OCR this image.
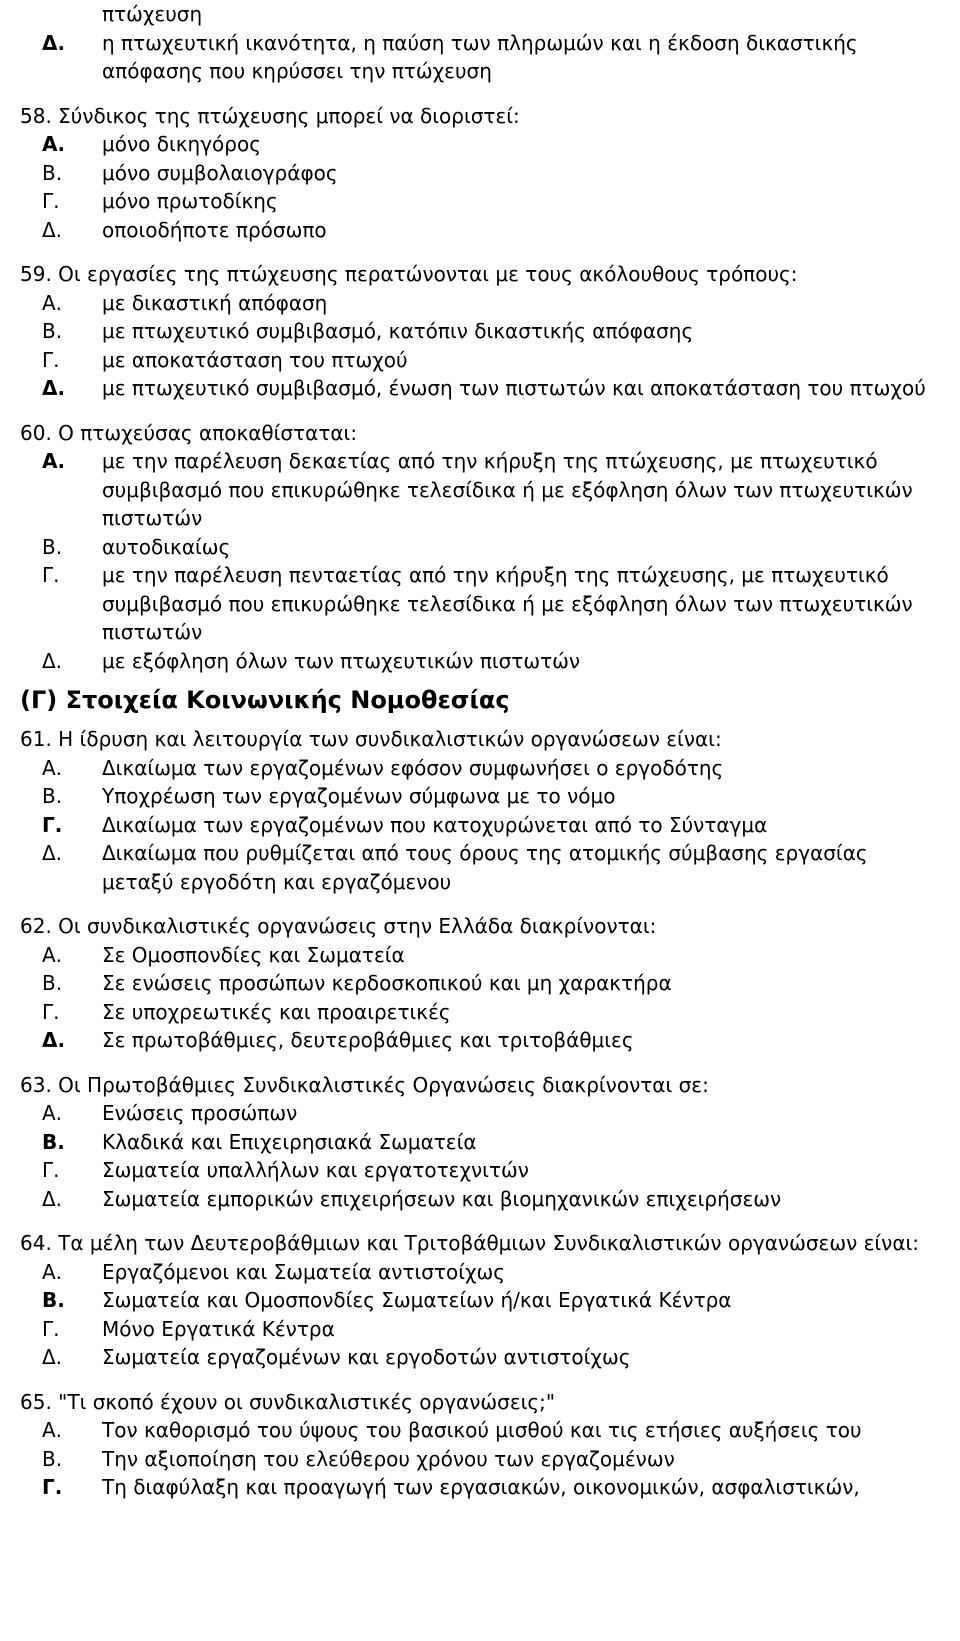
πτώχευση
Δ.	η πτωχευτική ικανότητα, η παύση των πληρωμών και η έκδοση δικαστικής
απόφασης που κηρύσσει την πτώχευση
58. Σύνδικος της πτώχευσης μπορεί να διοριστεί:
Α.	μόνο δικηγόρος
Β.	μόνο συμβολαιογράφος
Γ.	μόνο πρωτοδίκης
Δ.	οποιοδήποτε πρόσωπο
59. Οι εργασίες της πτώχευσης περατώνονται με τους ακόλουθους τρόπους:
Α.	με δικαστική απόφαση
Β.	με πτωχευτικό συμβιβασμό, κατόπιν δικαστικής απόφασης
Γ.	με αποκατάσταση του πτωχού
Δ.	με πτωχευτικό συμβιβασμό, ένωση των πιστωτών και αποκατάσταση του πτωχού
60. Ο πτωχεύσας αποκαθίσταται:
Α.	με την παρέλευση δεκαετίας από την κήρυξη της πτώχευσης, με πτωχευτικό
συμβιβασμό που επικυρώθηκε τελεσίδικα ή με εξόφληση όλων των πτωχευτικών
πιστωτών
Β.	αυτοδικαίως
Γ.	με την παρέλευση πενταετίας από την κήρυξη της πτώχευσης, με πτωχευτικό
συμβιβασμό που επικυρώθηκε τελεσίδικα ή με εξόφληση όλων των πτωχευτικών
πιστωτών
Δ.	με εξόφληση όλων των πτωχευτικών πιστωτών
(Γ) Στοιχεία Κοινωνικής Νομοθεσίας
61. Η ίδρυση και λειτουργία των συνδικαλιστικών οργανώσεων είναι:
Α.	Δικαίωμα των εργαζομένων εφόσον συμφωνήσει ο εργοδότης
Β.	Υποχρέωση των εργαζομένων σύμφωνα με το νόμο
Γ.	Δικαίωμα των εργαζομένων που κατοχυρώνεται από το Σύνταγμα
Δ.	Δικαίωμα που ρυθμίζεται από τους όρους της ατομικής σύμβασης εργασίας
μεταξύ εργοδότη και εργαζόμενου
62. Οι συνδικαλιστικές οργανώσεις στην Ελλάδα διακρίνονται:
Α.	Σε Ομοσπονδίες και Σωματεία
Β.	Σε ενώσεις προσώπων κερδοσκοπικού και μη χαρακτήρα
Γ.	Σε υποχρεωτικές και προαιρετικές
Δ.	Σε πρωτοβάθμιες, δευτεροβάθμιες και τριτοβάθμιες
63. Οι Πρωτοβάθμιες Συνδικαλιστικές Οργανώσεις διακρίνονται σε:
Α.	Ενώσεις προσώπων
Β.	Κλαδικά και Επιχειρησιακά Σωματεία
Γ.	Σωματεία υπαλλήλων και εργατοτεχνιτών
Δ.	Σωματεία εμπορικών επιχειρήσεων και βιομηχανικών επιχειρήσεων
64. Τα μέλη των Δευτεροβάθμιων και Τριτοβάθμιων Συνδικαλιστικών οργανώσεων είναι:
Α.	Εργαζόμενοι και Σωματεία αντιστοίχως
Β.	Σωματεία και Ομοσπονδίες Σωματείων ή/και Εργατικά Κέντρα
Γ.	Μόνο Εργατικά Κέντρα
Δ.	Σωματεία εργαζομένων και εργοδοτών αντιστοίχως
65. "Τι σκοπό έχουν οι συνδικαλιστικές οργανώσεις;"
Α.	Τον καθορισμό του ύψους του βασικού μισθού και τις ετήσιες αυξήσεις του
Β.	Την αξιοποίηση του ελεύθερου χρόνου των εργαζομένων
Γ.	Τη διαφύλαξη και προαγωγή των εργασιακών, οικονομικών, ασφαλιστικών,
